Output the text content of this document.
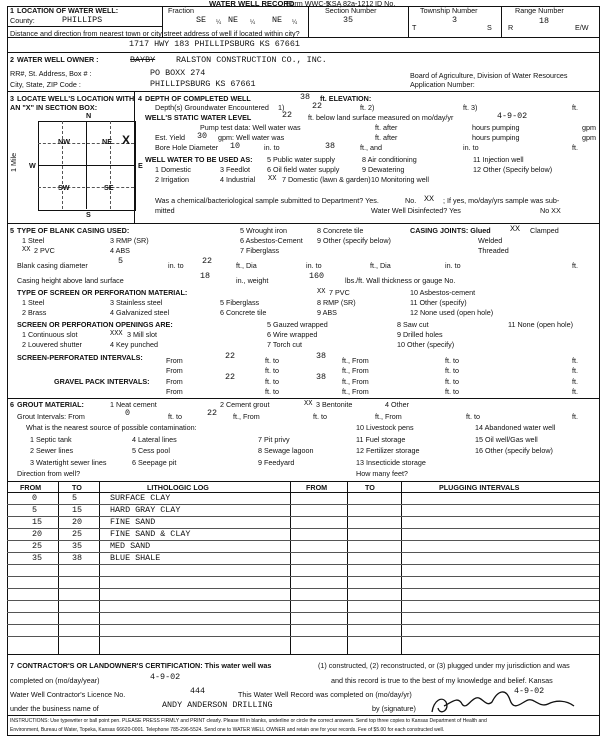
WATER WELL RECORD
Form WWC-5
KSA 82a-1212 ID No.
1 LOCATION OF WATER WELL:
County:	PHILLIPS
Fraction
SE ¼ NE ¼ NE ¼
Section Number
35
Township Number
T
3
S
Range Number
R
18
E/W
Distance and direction from nearest town or city street address of well if located within city?
1717 HWY 183 PHILLIPSBURG KS 67661
2 WATER WELL OWNER :	BAYBY RALSTON CONSTRUCTION CO., INC.
RR#, St. Address, Box # :	PO BOXX 274
City, State, ZIP Code :	PHILLIPSBURG KS 67661
Board of Agriculture, Division of Water Resources
Application Number:
3 LOCATE WELL'S LOCATION WITH
AN "X" IN SECTION BOX:
N
S
W	E
1 Mile
NW	NE
SW	SE
X
4 DEPTH OF COMPLETED WELL	38 ft. ELEVATION:
Depth(s) Groundwater Encountered 1)	22	ft. 2)	ft. 3)	ft.
WELL'S STATIC WATER LEVEL	22 ft. below land surface measured on mo/day/yr	4-9-02
Pump test data: Well water was	ft. after	hours pumping	gpm
Est. Yield 30 gpm: Well water was	ft. after	hours pumping	gpm
Bore Hole Diameter 10	in. to	38	ft., and	in. to	ft.
WELL WATER TO BE USED AS: 5 Public water supply	8 Air conditioning	11 Injection well
1 Domestic	3 Feedlot 6 Oil field water supply	9 Dewatering	12 Other (Specify below)
2 Irrigation	4 Industrial XX 7 Domestic (lawn & garden) 10 Monitoring well
Was a chemical/bacteriological sample submitted to Department? Yes.	No. XX ; If yes, mo/day/yrs sample was sub-
mitted	Water Well Disinfected? Yes	No XX
5 TYPE OF BLANK CASING USED:	5 Wrought iron	8 Concrete tile	CASING JOINTS: Glued XX Clamped
1 Steel	3 RMP (SR)	6 Asbestos-Cement 9 Other (specify below)	Welded
XX 2 PVC	4 ABS	7 Fiberglass	Threaded
Blank casing diameter	5	in. to 22	ft., Dia	in. to	ft., Dia	in. to	ft.
Casing height above land surface	18	in., weight	160	lbs./ft. Wall thickness or gauge No.
TYPE OF SCREEN OR PERFORATION MATERIAL:	XX 7 PVC	10 Asbestos-cement
1 Steel	3 Stainless steel	5 Fiberglass	8 RMP (SR)	11 Other (specify)
2 Brass	4 Galvanized steel	6 Concrete tile	9 ABS	12 None used (open hole)
SCREEN OR PERFORATION OPENINGS ARE:	5 Gauzed wrapped	8 Saw cut	11 None (open hole)
1 Continuous slot	XXX 3 Mill slot	6 Wire wrapped	9 Drilled holes
2 Louvered shutter	4 Key punched	7 Torch cut	10 Other (specify)
SCREEN-PERFORATED INTERVALS:	From	22	ft. to	38 ft., From	ft. to	ft.
From	ft. to	ft., From	ft. to	ft.
GRAVEL PACK INTERVALS: From	22	ft. to	38 ft., From	ft. to	ft.
From	ft. to	ft., From	ft. to	ft.
6 GROUT MATERIAL:	1 Neat cement	2 Cement grout	XX 3 Bentonite	4 Other
Grout Intervals: From	0	ft. to	22 ft., From	ft. to	ft., From	ft. to	ft.
What is the nearest source of possible contamination:	10 Livestock pens	14 Abandoned water well
1 Septic tank	4 Lateral lines	7 Pit privy	11 Fuel storage	15 Oil well/Gas well
2 Sewer lines	5 Cess pool	8 Sewage lagoon	12 Fertilizer storage	16 Other (specify below)
3 Watertight sewer lines	6 Seepage pit	9 Feedyard	13 Insecticide storage
Direction from well?	How many feet?
FROM	TO	LITHOLOGIC LOG	FROM	TO	PLUGGING INTERVALS
0	5	SURFACE CLAY
5	15	HARD GRAY CLAY
15	20	FINE SAND
20	25	FINE SAND & CLAY
25	35	MED SAND
35	38	BLUE SHALE
7 CONTRACTOR'S OR LANDOWNER'S CERTIFICATION: This water well was	(1) constructed, (2) reconstructed, or (3) plugged under my jurisdiction and was
completed on (mo/day/year)	4-9-02	and this record is true to the best of my knowledge and belief. Kansas
Water Well Contractor's Licence No.	444	This Water Well Record was completed on (mo/day/yr)	4-9-02
under the business name of	ANDY ANDERSON DRILLING	by (signature)
INSTRUCTIONS: Use typewriter or ball point pen. PLEASE PRESS FIRMLY and PRINT clearly. Please fill in blanks, underline or circle the correct answers. Send top three copies to Kansas Department of Health and
Environment, Bureau of Water, Topeka, Kansas 66620-0001. Telephone 785-296-5524. Send one to WATER WELL OWNER and retain one for your records. Fee of $5.00 for each constructed well.
